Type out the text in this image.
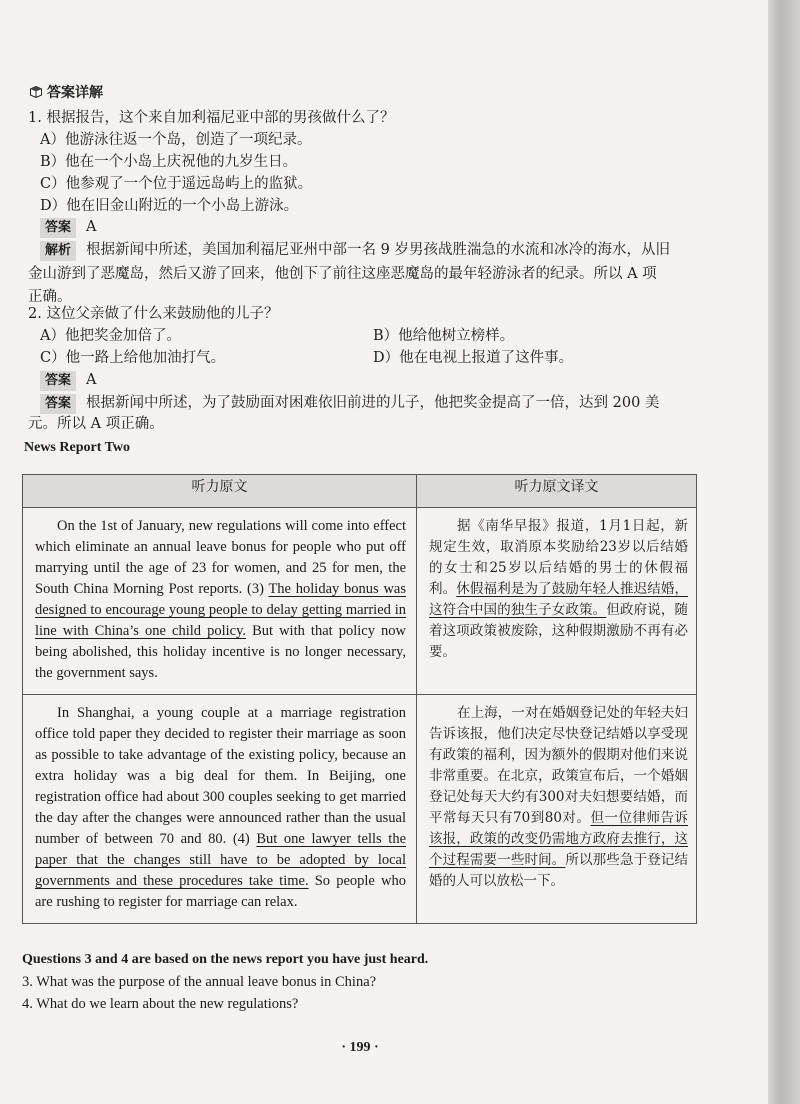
答案详解
1. 根据报告，这个来自加利福尼亚中部的男孩做什么了？
A）他游泳往返一个岛，创造了一项纪录。
B）他在一个小岛上庆祝他的九岁生日。
C）他参观了一个位于遥远岛屿上的监狱。
D）他在旧金山附近的一个小岛上游泳。
答案 A
解析 根据新闻中所述，美国加利福尼亚州中部一名 9 岁男孩战胜湍急的水流和冰冷的海水，从旧
金山游到了恶魔岛，然后又游了回来，他创下了前往这座恶魔岛的最年轻游泳者的纪录。所以 A 项
正确。
2. 这位父亲做了什么来鼓励他的儿子？
A）他把奖金加倍了。	B）他给他树立榜样。
C）他一路上给他加油打气。	D）他在电视上报道了这件事。
答案 A
答案 根据新闻中所述，为了鼓励面对困难依旧前进的儿子，他把奖金提高了一倍，达到 200 美
元。所以 A 项正确。
News Report Two
听力原文	听力原文译文
On the 1st of January, new regulations will come into effect which eliminate an annual leave bonus for people who put off marrying until the age of 23 for women, and 25 for men, the South China Morning Post reports. (3) The holiday bonus was designed to encourage young people to delay getting married in line with China’s one child policy. But with that policy now being abolished, this holiday incentive is no longer necessary, the government says.	据《南华早报》报道，1月1日起，新规定生效，取消原本奖励给23岁以后结婚的女士和25岁以后结婚的男士的休假福利。休假福利是为了鼓励年轻人推迟结婚，这符合中国的独生子女政策。但政府说，随着这项政策被废除，这种假期激励不再有必要。
In Shanghai, a young couple at a marriage registration office told paper they decided to register their marriage as soon as possible to take advantage of the existing policy, because an extra holiday was a big deal for them. In Beijing, one registration office had about 300 couples seeking to get married the day after the changes were announced rather than the usual number of between 70 and 80. (4) But one lawyer tells the paper that the changes still have to be adopted by local governments and these procedures take time. So people who are rushing to register for marriage can relax.	在上海，一对在婚姻登记处的年轻夫妇告诉该报，他们决定尽快登记结婚以享受现有政策的福利，因为额外的假期对他们来说非常重要。在北京，政策宣布后，一个婚姻登记处每天大约有300对夫妇想要结婚，而平常每天只有70到80对。但一位律师告诉该报，政策的改变仍需地方政府去推行，这个过程需要一些时间。所以那些急于登记结婚的人可以放松一下。
Questions 3 and 4 are based on the news report you have just heard.
3. What was the purpose of the annual leave bonus in China?
4. What do we learn about the new regulations?
· 199 ·
